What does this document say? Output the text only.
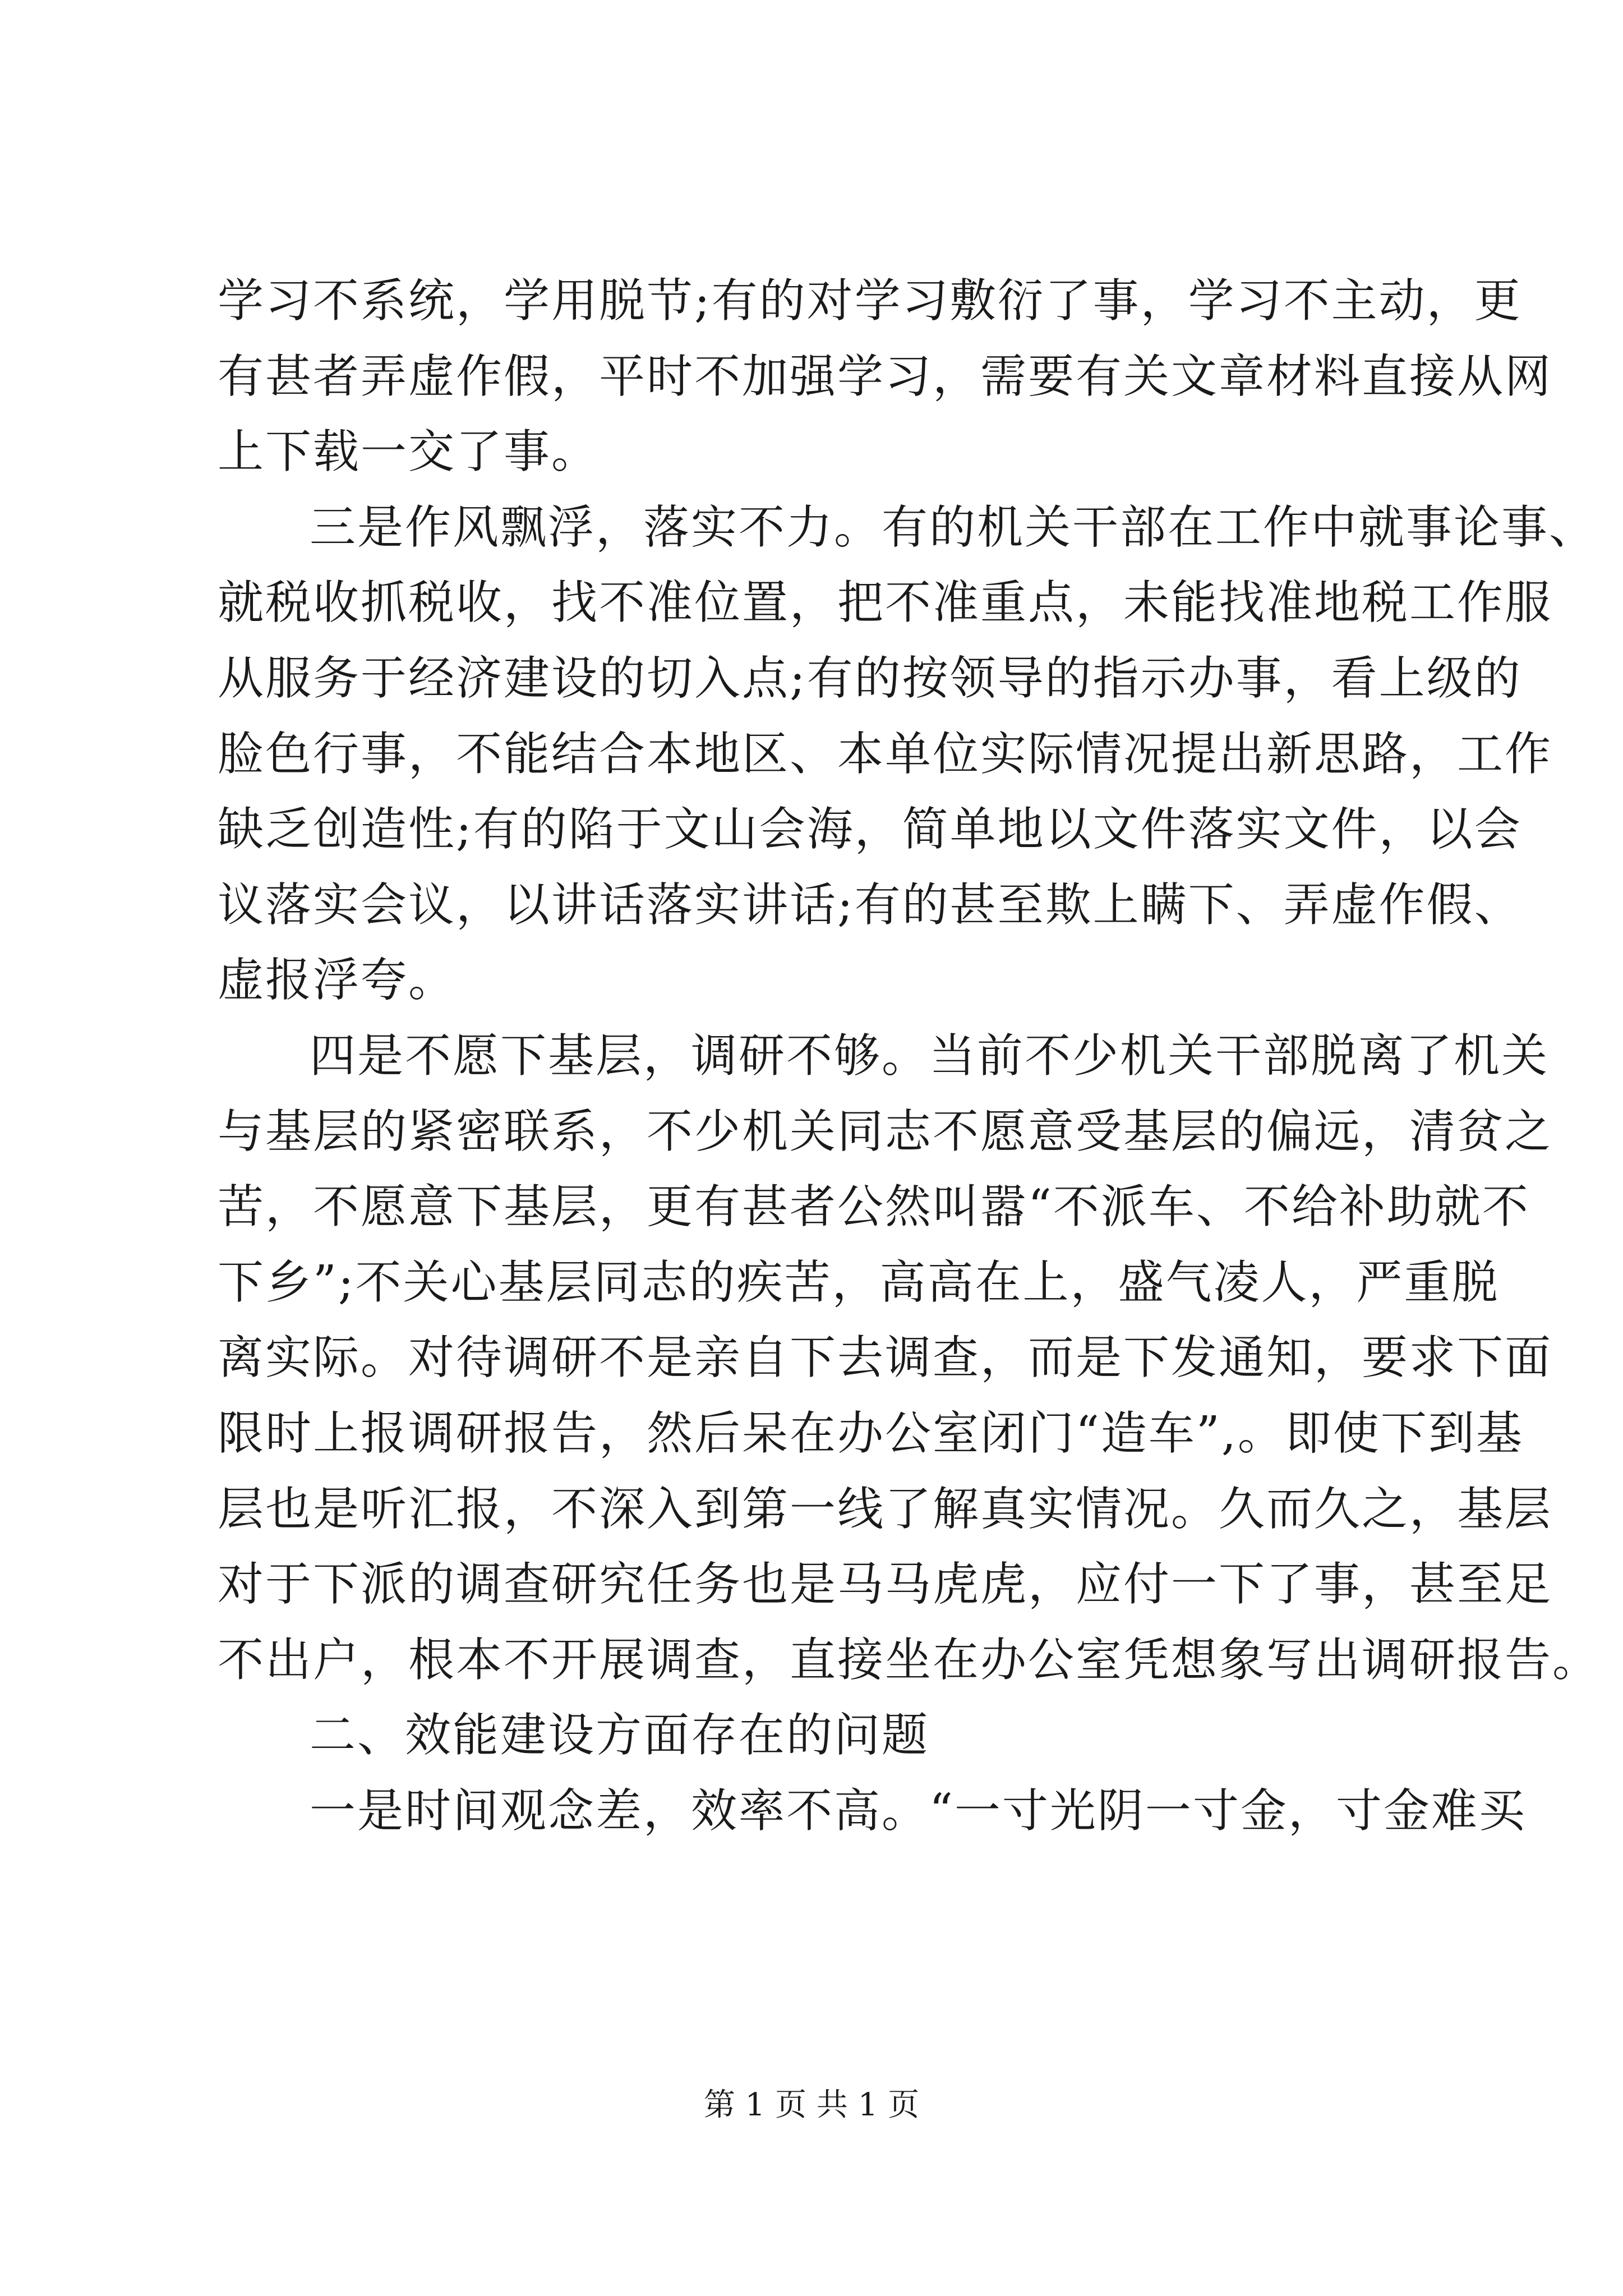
学习不系统，学用脱节;有的对学习敷衍了事，学习不主动，更
有甚者弄虚作假，平时不加强学习，需要有关文章材料直接从网
上下载一交了事。
三是作风飘浮，落实不力。有的机关干部在工作中就事论事、
就税收抓税收，找不准位置，把不准重点，未能找准地税工作服
从服务于经济建设的切入点;有的按领导的指示办事，看上级的
脸色行事，不能结合本地区、本单位实际情况提出新思路，工作
缺乏创造性;有的陷于文山会海，简单地以文件落实文件，以会
议落实会议，以讲话落实讲话;有的甚至欺上瞒下、弄虚作假、
虚报浮夸。
四是不愿下基层，调研不够。当前不少机关干部脱离了机关
与基层的紧密联系，不少机关同志不愿意受基层的偏远，清贫之
苦，不愿意下基层，更有甚者公然叫嚣“不派车、不给补助就不
下乡”;不关心基层同志的疾苦，高高在上，盛气凌人，严重脱
离实际。对待调研不是亲自下去调查，而是下发通知，要求下面
限时上报调研报告，然后呆在办公室闭门“造车”,。即使下到基
层也是听汇报，不深入到第一线了解真实情况。久而久之，基层
对于下派的调查研究任务也是马马虎虎，应付一下了事，甚至足
不出户，根本不开展调查，直接坐在办公室凭想象写出调研报告。
二、效能建设方面存在的问题
一是时间观念差，效率不高。“一寸光阴一寸金，寸金难买
第 1 页 共 1 页
